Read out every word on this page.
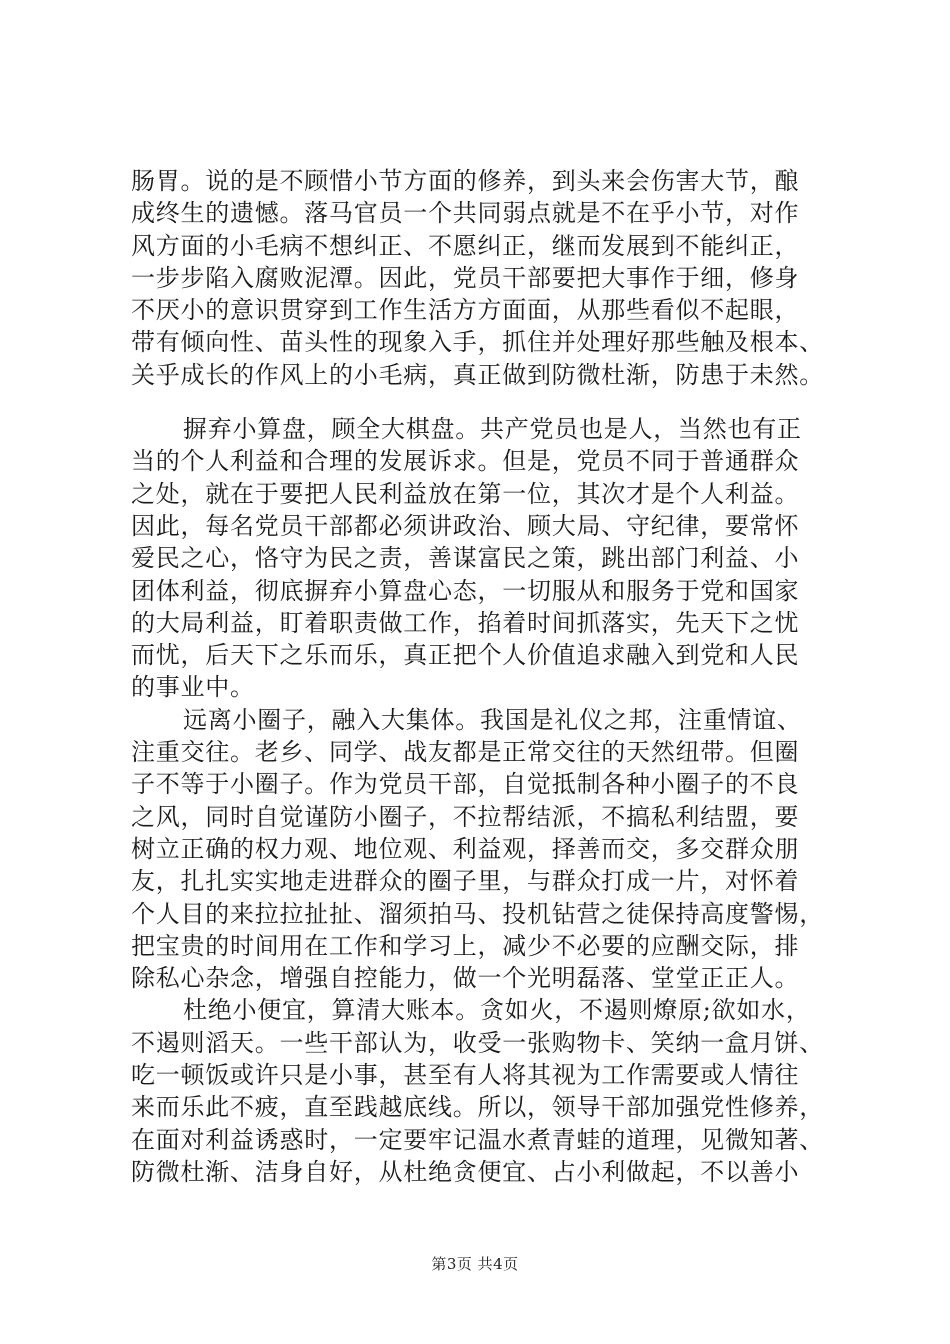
肠胃。说的是不顾惜小节方面的修养，到头来会伤害大节，酿
成终生的遗憾。落马官员一个共同弱点就是不在乎小节，对作
风方面的小毛病不想纠正、不愿纠正，继而发展到不能纠正，
一步步陷入腐败泥潭。因此，党员干部要把大事作于细，修身
不厌小的意识贯穿到工作生活方方面面，从那些看似不起眼，
带有倾向性、苗头性的现象入手，抓住并处理好那些触及根本、
关乎成长的作风上的小毛病，真正做到防微杜渐，防患于未然。
摒弃小算盘，顾全大棋盘。共产党员也是人，当然也有正
当的个人利益和合理的发展诉求。但是，党员不同于普通群众
之处，就在于要把人民利益放在第一位，其次才是个人利益。
因此，每名党员干部都必须讲政治、顾大局、守纪律，要常怀
爱民之心，恪守为民之责，善谋富民之策，跳出部门利益、小
团体利益，彻底摒弃小算盘心态，一切服从和服务于党和国家
的大局利益，盯着职责做工作，掐着时间抓落实，先天下之忧
而忧，后天下之乐而乐，真正把个人价值追求融入到党和人民
的事业中。
远离小圈子，融入大集体。我国是礼仪之邦，注重情谊、
注重交往。老乡、同学、战友都是正常交往的天然纽带。但圈
子不等于小圈子。作为党员干部，自觉抵制各种小圈子的不良
之风，同时自觉谨防小圈子，不拉帮结派，不搞私利结盟，要
树立正确的权力观、地位观、利益观，择善而交，多交群众朋
友，扎扎实实地走进群众的圈子里，与群众打成一片，对怀着
个人目的来拉拉扯扯、溜须拍马、投机钻营之徒保持高度警惕，
把宝贵的时间用在工作和学习上，减少不必要的应酬交际，排
除私心杂念，增强自控能力，做一个光明磊落、堂堂正正人。
杜绝小便宜，算清大账本。贪如火，不遏则燎原;欲如水，
不遏则滔天。一些干部认为，收受一张购物卡、笑纳一盒月饼、
吃一顿饭或许只是小事，甚至有人将其视为工作需要或人情往
来而乐此不疲，直至践越底线。所以，领导干部加强党性修养，
在面对利益诱惑时，一定要牢记温水煮青蛙的道理，见微知著、
防微杜渐、洁身自好，从杜绝贪便宜、占小利做起，不以善小
第3页 共4页
